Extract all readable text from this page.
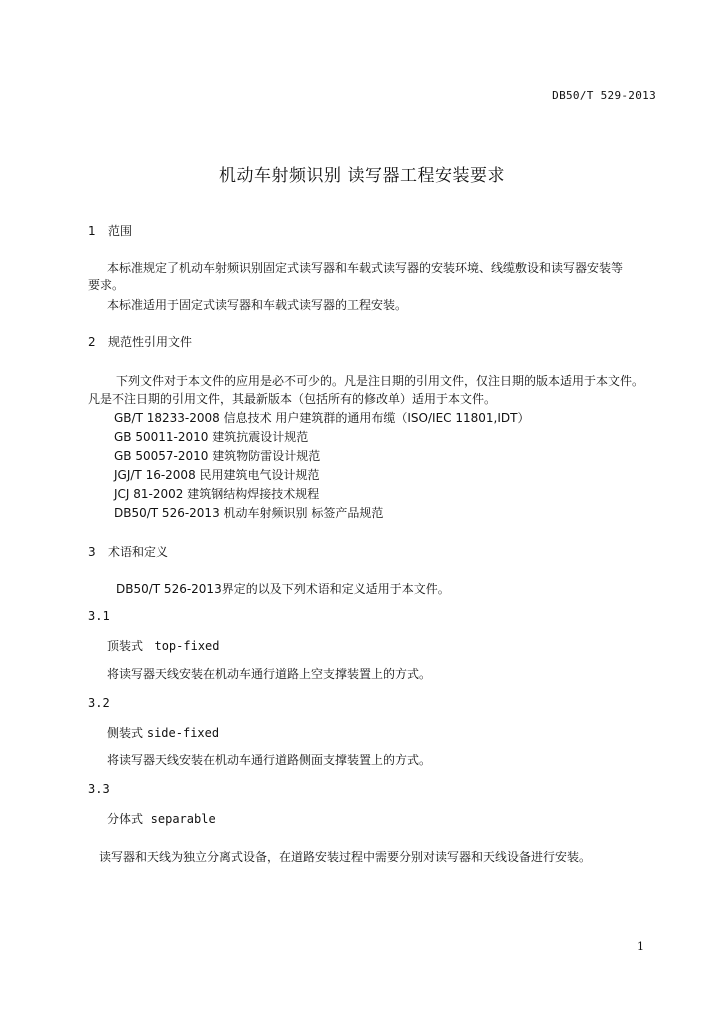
DB50/T 529-2013
机动车射频识别 读写器工程安装要求
1 范围
本标准规定了机动车射频识别固定式读写器和车载式读写器的安装环境、线缆敷设和读写器安装等
要求。
本标准适用于固定式读写器和车载式读写器的工程安装。
2 规范性引用文件
下列文件对于本文件的应用是必不可少的。凡是注日期的引用文件，仅注日期的版本适用于本文件。
凡是不注日期的引用文件，其最新版本（包括所有的修改单）适用于本文件。
GB/T 18233-2008 信息技术 用户建筑群的通用布缆（ISO/IEC 11801,IDT）
GB 50011-2010 建筑抗震设计规范
GB 50057-2010 建筑物防雷设计规范
JGJ/T 16-2008 民用建筑电气设计规范
JCJ 81-2002 建筑钢结构焊接技术规程
DB50/T 526-2013 机动车射频识别 标签产品规范
3 术语和定义
DB50/T 526-2013界定的以及下列术语和定义适用于本文件。
3.1
顶装式 top-fixed
将读写器天线安装在机动车通行道路上空支撑装置上的方式。
3.2
侧装式 side-fixed
将读写器天线安装在机动车通行道路侧面支撑装置上的方式。
3.3
分体式 separable
读写器和天线为独立分离式设备，在道路安装过程中需要分别对读写器和天线设备进行安装。
1
